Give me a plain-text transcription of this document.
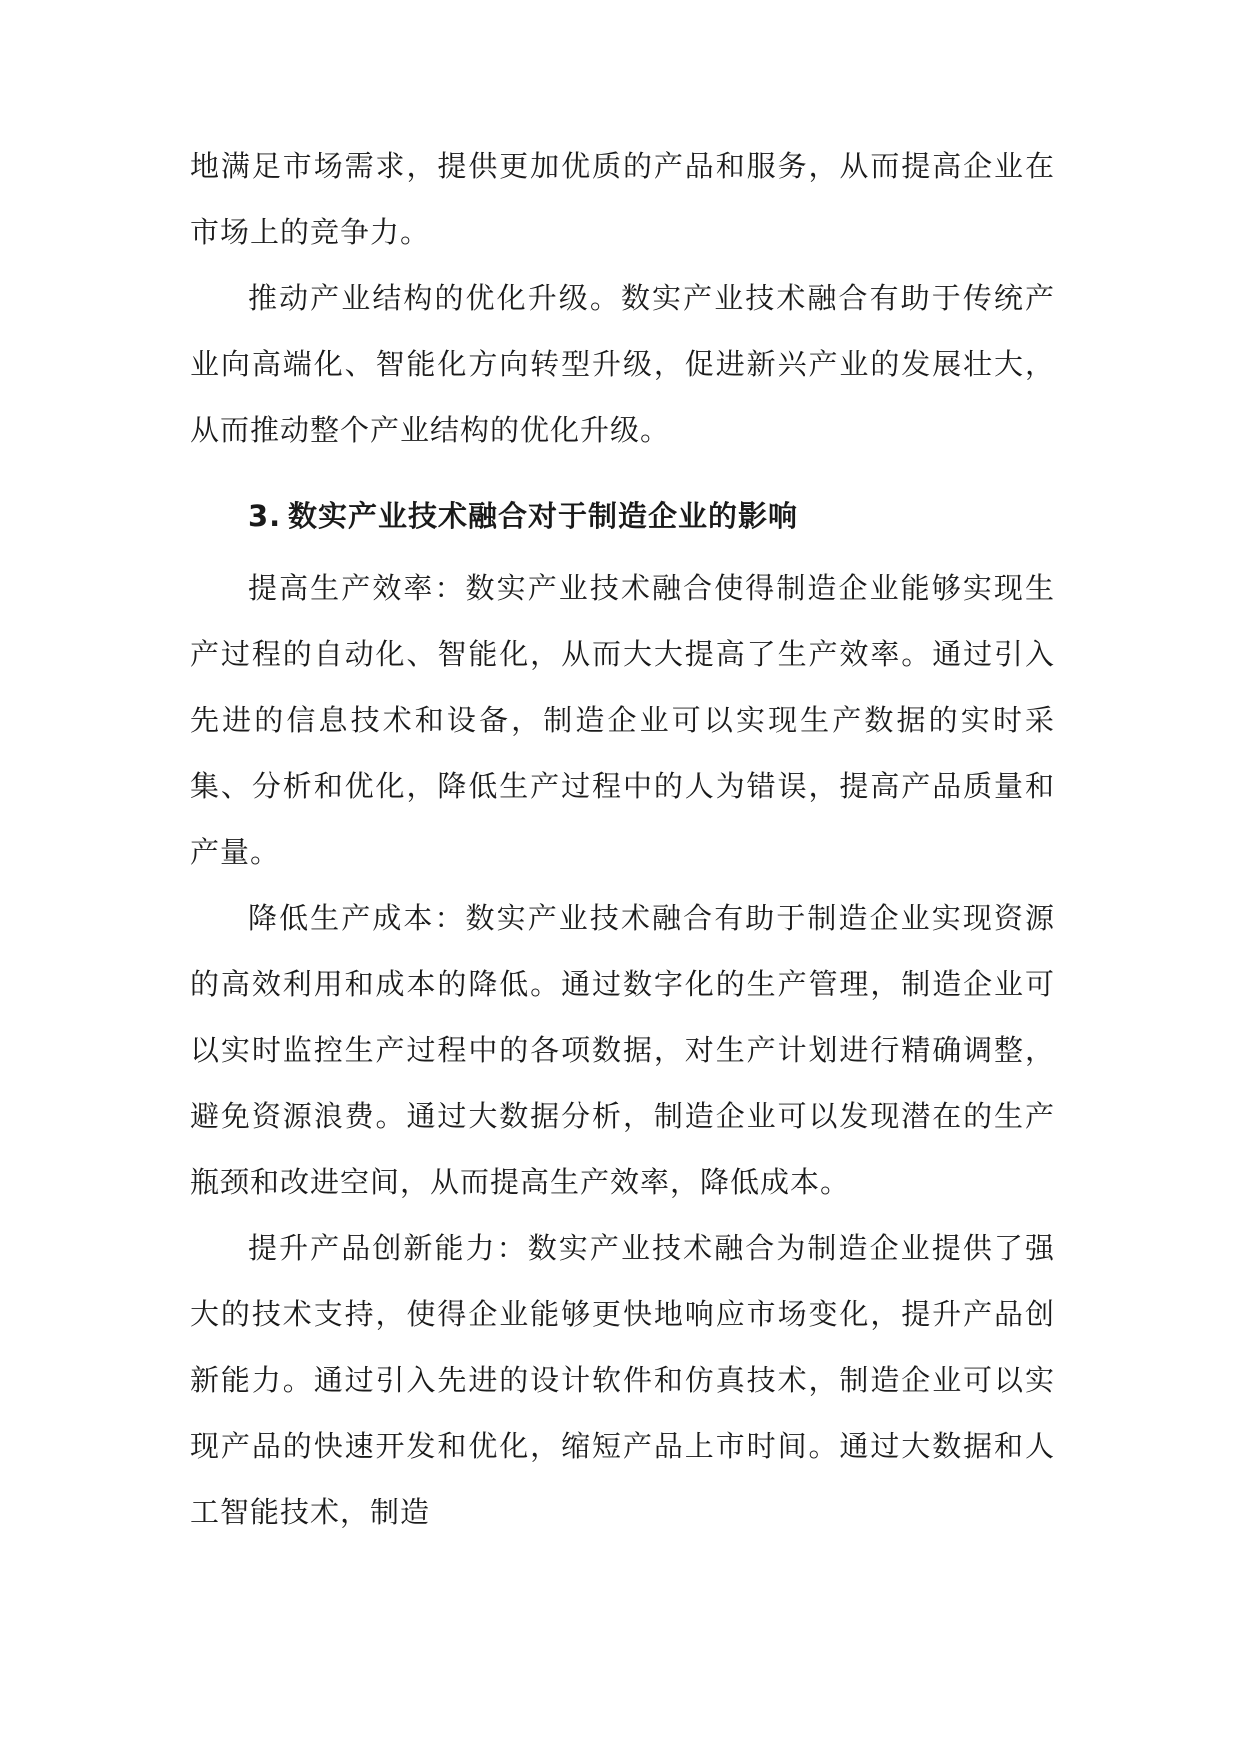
地满足市场需求，提供更加优质的产品和服务，从而提高企业在市场上的竞争力。

推动产业结构的优化升级。数实产业技术融合有助于传统产业向高端化、智能化方向转型升级，促进新兴产业的发展壮大，从而推动整个产业结构的优化升级。

3. 数实产业技术融合对于制造企业的影响

提高生产效率：数实产业技术融合使得制造企业能够实现生产过程的自动化、智能化，从而大大提高了生产效率。通过引入先进的信息技术和设备，制造企业可以实现生产数据的实时采集、分析和优化，降低生产过程中的人为错误，提高产品质量和产量。

降低生产成本：数实产业技术融合有助于制造企业实现资源的高效利用和成本的降低。通过数字化的生产管理，制造企业可以实时监控生产过程中的各项数据，对生产计划进行精确调整，避免资源浪费。通过大数据分析，制造企业可以发现潜在的生产瓶颈和改进空间，从而提高生产效率，降低成本。

提升产品创新能力：数实产业技术融合为制造企业提供了强大的技术支持，使得企业能够更快地响应市场变化，提升产品创新能力。通过引入先进的设计软件和仿真技术，制造企业可以实现产品的快速开发和优化，缩短产品上市时间。通过大数据和人工智能技术，制造
